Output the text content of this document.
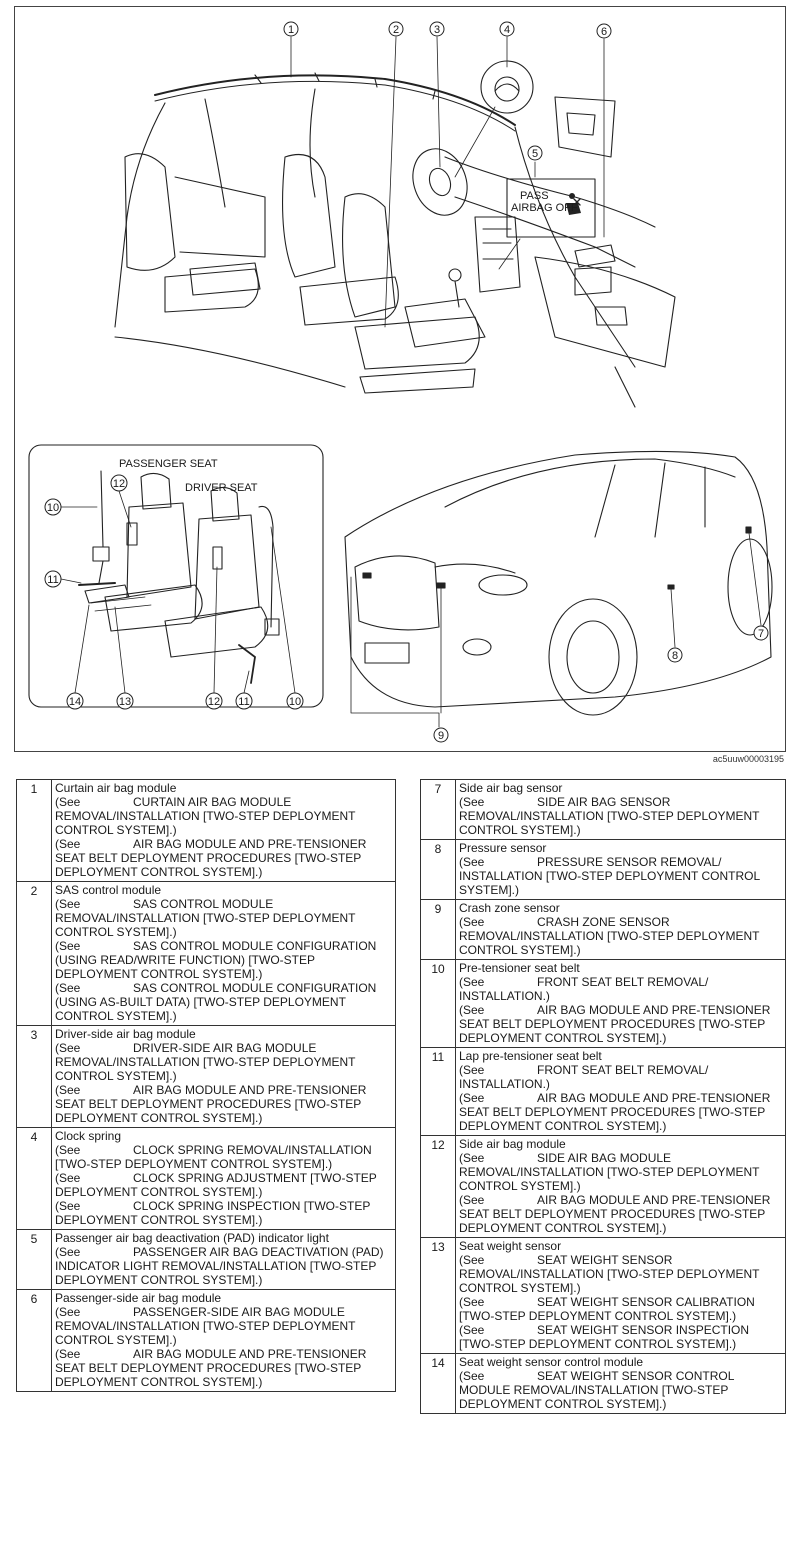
1	2	3	4
5
6
7
8
9
10
11
12
14	13	12 11	10
PASS
AIRBAG OFF
PASSENGER SEAT
DRIVER SEAT
ac5uuw00003195
1	Curtain air bag module
(See CURTAIN AIR BAG MODULE REMOVAL/INSTALLATION [TWO-STEP DEPLOYMENT CONTROL SYSTEM].)
(See AIR BAG MODULE AND PRE-TENSIONER SEAT BELT DEPLOYMENT PROCEDURES [TWO-STEP DEPLOYMENT CONTROL SYSTEM].)

2	SAS control module
(See SAS CONTROL MODULE REMOVAL/INSTALLATION [TWO-STEP DEPLOYMENT CONTROL SYSTEM].)
(See SAS CONTROL MODULE CONFIGURATION (USING READ/WRITE FUNCTION) [TWO-STEP DEPLOYMENT CONTROL SYSTEM].)
(See SAS CONTROL MODULE CONFIGURATION (USING AS-BUILT DATA) [TWO-STEP DEPLOYMENT CONTROL SYSTEM].)

3	Driver-side air bag module
(See DRIVER-SIDE AIR BAG MODULE REMOVAL/INSTALLATION [TWO-STEP DEPLOYMENT CONTROL SYSTEM].)
(See AIR BAG MODULE AND PRE-TENSIONER SEAT BELT DEPLOYMENT PROCEDURES [TWO-STEP DEPLOYMENT CONTROL SYSTEM].)

4	Clock spring
(See CLOCK SPRING REMOVAL/INSTALLATION [TWO-STEP DEPLOYMENT CONTROL SYSTEM].)
(See CLOCK SPRING ADJUSTMENT [TWO-STEP DEPLOYMENT CONTROL SYSTEM].)
(See CLOCK SPRING INSPECTION [TWO-STEP DEPLOYMENT CONTROL SYSTEM].)

5	Passenger air bag deactivation (PAD) indicator light
(See PASSENGER AIR BAG DEACTIVATION (PAD) INDICATOR LIGHT REMOVAL/INSTALLATION [TWO-STEP DEPLOYMENT CONTROL SYSTEM].)

6	Passenger-side air bag module
(See PASSENGER-SIDE AIR BAG MODULE REMOVAL/INSTALLATION [TWO-STEP DEPLOYMENT CONTROL SYSTEM].)
(See AIR BAG MODULE AND PRE-TENSIONER SEAT BELT DEPLOYMENT PROCEDURES [TWO-STEP DEPLOYMENT CONTROL SYSTEM].)
7	Side air bag sensor
(See SIDE AIR BAG SENSOR REMOVAL/INSTALLATION [TWO-STEP DEPLOYMENT CONTROL SYSTEM].)

8	Pressure sensor
(See PRESSURE SENSOR REMOVAL/ INSTALLATION [TWO-STEP DEPLOYMENT CONTROL SYSTEM].)

9	Crash zone sensor
(See CRASH ZONE SENSOR REMOVAL/INSTALLATION [TWO-STEP DEPLOYMENT CONTROL SYSTEM].)

10	Pre-tensioner seat belt
(See FRONT SEAT BELT REMOVAL/ INSTALLATION.)
(See AIR BAG MODULE AND PRE-TENSIONER SEAT BELT DEPLOYMENT PROCEDURES [TWO-STEP DEPLOYMENT CONTROL SYSTEM].)

11	Lap pre-tensioner seat belt
(See FRONT SEAT BELT REMOVAL/ INSTALLATION.)
(See AIR BAG MODULE AND PRE-TENSIONER SEAT BELT DEPLOYMENT PROCEDURES [TWO-STEP DEPLOYMENT CONTROL SYSTEM].)

12	Side air bag module
(See SIDE AIR BAG MODULE REMOVAL/INSTALLATION [TWO-STEP DEPLOYMENT CONTROL SYSTEM].)
(See AIR BAG MODULE AND PRE-TENSIONER SEAT BELT DEPLOYMENT PROCEDURES [TWO-STEP DEPLOYMENT CONTROL SYSTEM].)

13	Seat weight sensor
(See SEAT WEIGHT SENSOR REMOVAL/INSTALLATION [TWO-STEP DEPLOYMENT CONTROL SYSTEM].)
(See SEAT WEIGHT SENSOR CALIBRATION [TWO-STEP DEPLOYMENT CONTROL SYSTEM].)
(See SEAT WEIGHT SENSOR INSPECTION [TWO-STEP DEPLOYMENT CONTROL SYSTEM].)

14	Seat weight sensor control module
(See SEAT WEIGHT SENSOR CONTROL MODULE REMOVAL/INSTALLATION [TWO-STEP DEPLOYMENT CONTROL SYSTEM].)
